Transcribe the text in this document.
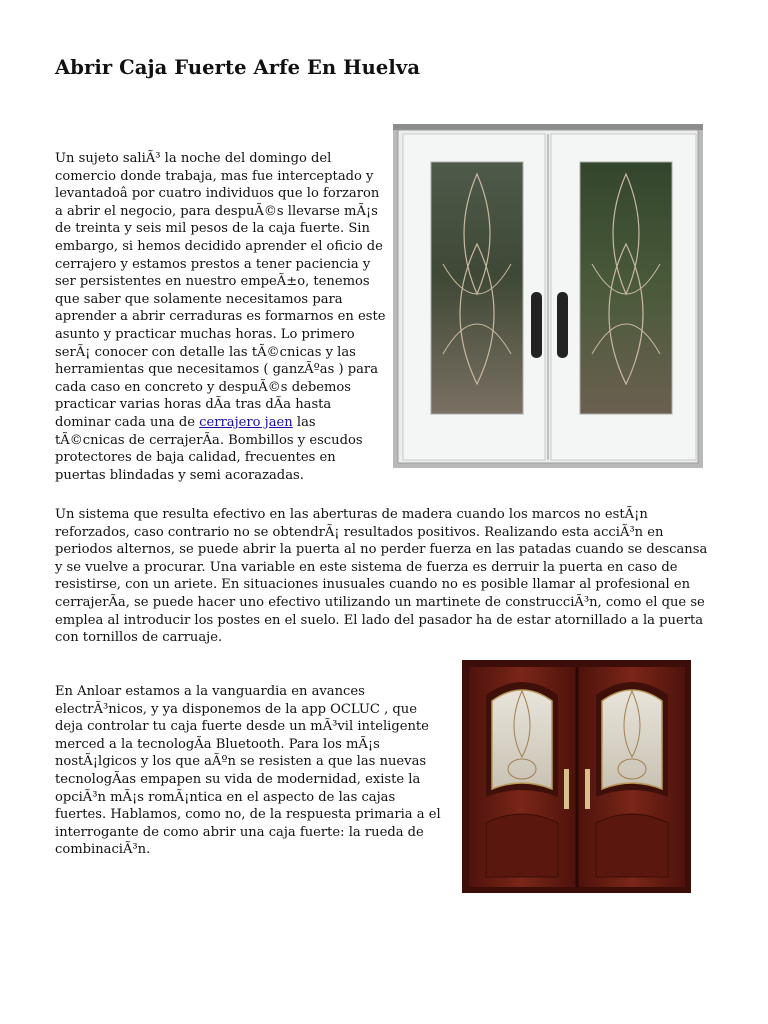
Abrir Caja Fuerte Arfe En Huelva

Un sujeto saliÃ³ la noche del domingo del comercio donde trabaja, mas fue interceptado y levantadoâ por cuatro individuos que lo forzaron a abrir el negocio, para despuÃ©s llevarse mÃ¡s de treinta y seis mil pesos de la caja fuerte. Sin embargo, si hemos decidido aprender el oficio de cerrajero y estamos prestos a tener paciencia y ser persistentes en nuestro empeÃ±o, tenemos que saber que solamente necesitamos para aprender a abrir cerraduras es formarnos en este asunto y practicar muchas horas. Lo primero serÃ¡ conocer con detalle las tÃ©cnicas y las herramientas que necesitamos ( ganzÃºas ) para cada caso en concreto y despuÃ©s debemos practicar varias horas dÃa tras dÃa hasta dominar cada una de cerrajero jaen las tÃ©cnicas de cerrajerÃa. Bombillos y escudos protectores de baja calidad, frecuentes en puertas blindadas y semi acorazadas.

Un sistema que resulta efectivo en las aberturas de madera cuando los marcos no estÃ¡n reforzados, caso contrario no se obtendrÃ¡ resultados positivos. Realizando esta acciÃ³n en periodos alternos, se puede abrir la puerta al no perder fuerza en las patadas cuando se descansa y se vuelve a procurar. Una variable en este sistema de fuerza es derruir la puerta en caso de resistirse, con un ariete. En situaciones inusuales cuando no es posible llamar al profesional en cerrajerÃa, se puede hacer uno efectivo utilizando un martinete de construcciÃ³n, como el que se emplea al introducir los postes en el suelo. El lado del pasador ha de estar atornillado a la puerta con tornillos de carruaje.

En Anloar estamos a la vanguardia en avances electrÃ³nicos, y ya disponemos de la app OCLUC , que deja controlar tu caja fuerte desde un mÃ³vil inteligente merced a la tecnologÃa Bluetooth. Para los mÃ¡s nostÃ¡lgicos y los que aÃºn se resisten a que las nuevas tecnologÃas empapen su vida de modernidad, existe la opciÃ³n mÃ¡s romÃ¡ntica en el aspecto de las cajas fuertes. Hablamos, como no, de la respuesta primaria a el interrogante de como abrir una caja fuerte: la rueda de combinaciÃ³n.
